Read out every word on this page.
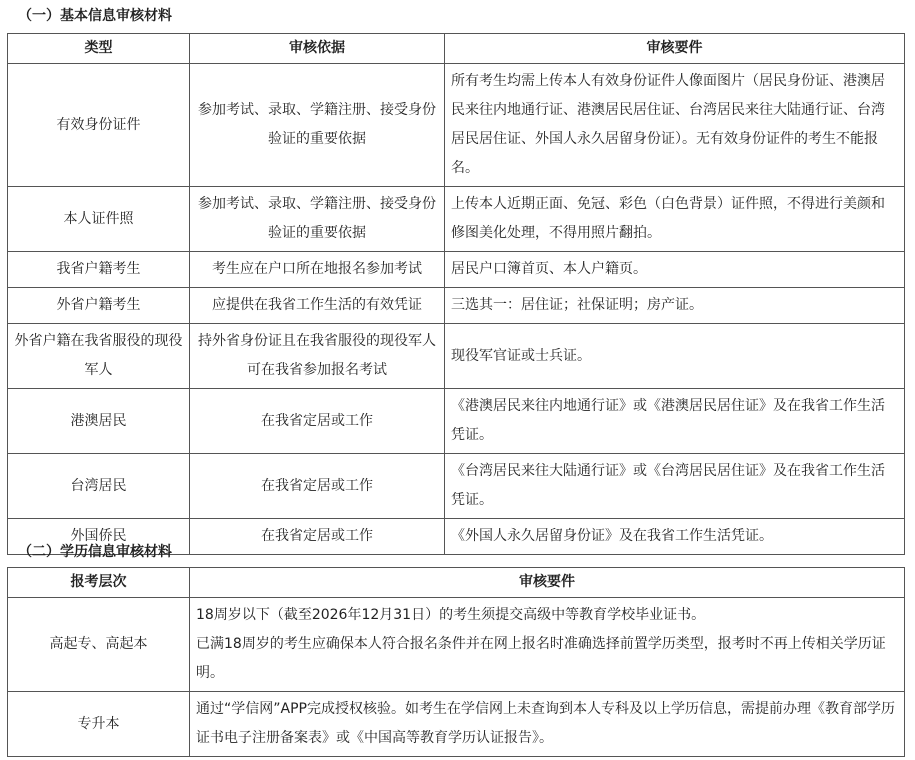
（一）基本信息审核材料
类型	审核依据	审核要件
有效身份证件	参加考试、录取、学籍注册、接受身份验证的重要依据	所有考生均需上传本人有效身份证件人像面图片（居民身份证、港澳居民来往内地通行证、港澳居民居住证、台湾居民来往大陆通行证、台湾居民居住证、外国人永久居留身份证）。无有效身份证件的考生不能报名。
本人证件照	参加考试、录取、学籍注册、接受身份验证的重要依据	上传本人近期正面、免冠、彩色（白色背景）证件照，不得进行美颜和修图美化处理，不得用照片翻拍。
我省户籍考生	考生应在户口所在地报名参加考试	居民户口簿首页、本人户籍页。
外省户籍考生	应提供在我省工作生活的有效凭证	三选其一：居住证；社保证明；房产证。
外省户籍在我省服役的现役军人	持外省身份证且在我省服役的现役军人可在我省参加报名考试	现役军官证或士兵证。
港澳居民	在我省定居或工作	《港澳居民来往内地通行证》或《港澳居民居住证》及在我省工作生活凭证。
台湾居民	在我省定居或工作	《台湾居民来往大陆通行证》或《台湾居民居住证》及在我省工作生活凭证。
外国侨民	在我省定居或工作	《外国人永久居留身份证》及在我省工作生活凭证。
（二）学历信息审核材料
报考层次	审核要件
高起专、高起本	18周岁以下（截至2026年12月31日）的考生须提交高级中等教育学校毕业证书。
已满18周岁的考生应确保本人符合报名条件并在网上报名时准确选择前置学历类型，报考时不再上传相关学历证明。

专升本	通过“学信网”APP完成授权核验。如考生在学信网上未查询到本人专科及以上学历信息，需提前办理《教育部学历证书电子注册备案表》或《中国高等教育学历认证报告》。
